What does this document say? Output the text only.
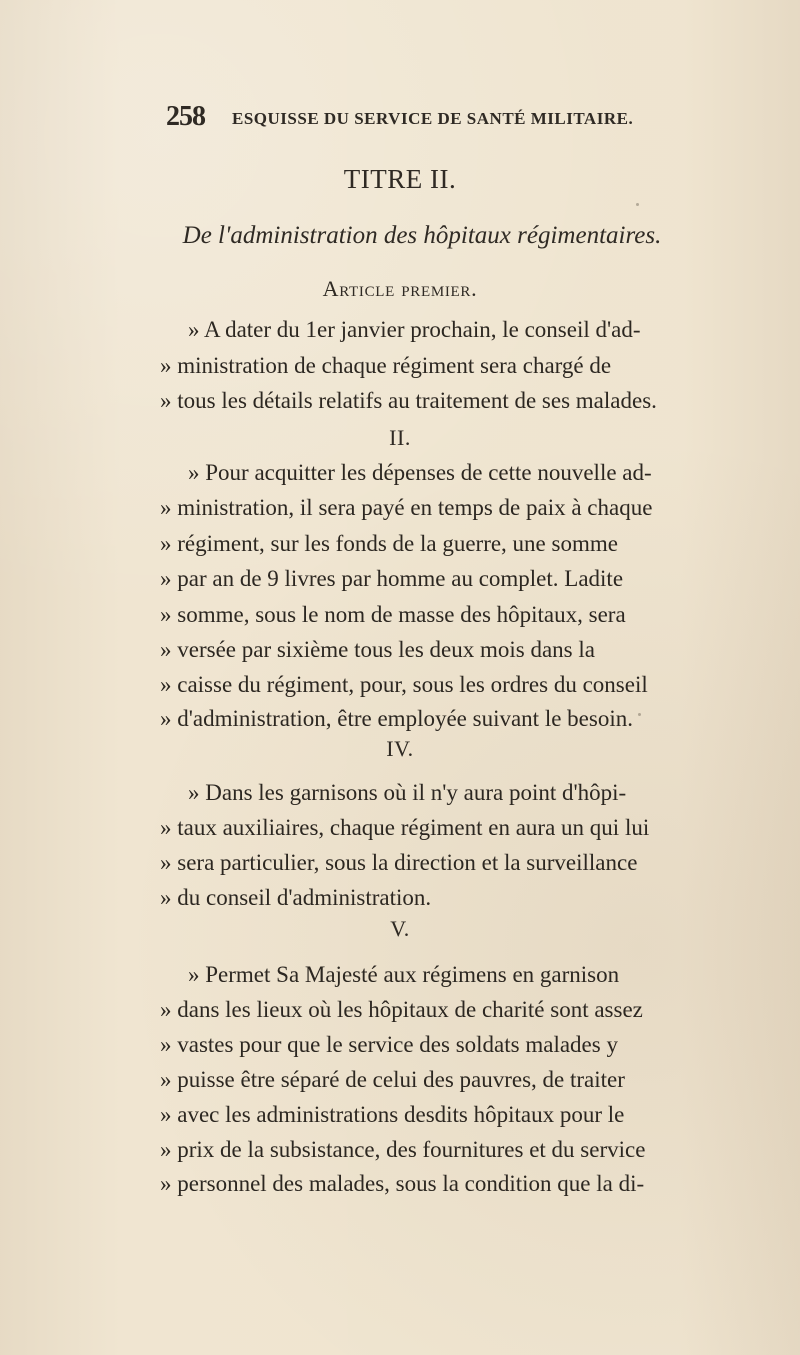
258 ESQUISSE DU SERVICE DE SANTÉ MILITAIRE.
TITRE II.
De l'administration des hôpitaux régimentaires.
Article premier.
» A dater du 1er janvier prochain, le conseil d'ad-
» ministration de chaque régiment sera chargé de
» tous les détails relatifs au traitement de ses malades.
II.
» Pour acquitter les dépenses de cette nouvelle ad-
» ministration, il sera payé en temps de paix à chaque
» régiment, sur les fonds de la guerre, une somme
» par an de 9 livres par homme au complet. Ladite
» somme, sous le nom de masse des hôpitaux, sera
» versée par sixième tous les deux mois dans la
» caisse du régiment, pour, sous les ordres du conseil
» d'administration, être employée suivant le besoin.
IV.
» Dans les garnisons où il n'y aura point d'hôpi-
» taux auxiliaires, chaque régiment en aura un qui lui
» sera particulier, sous la direction et la surveillance
» du conseil d'administration.
V.
» Permet Sa Majesté aux régimens en garnison
» dans les lieux où les hôpitaux de charité sont assez
» vastes pour que le service des soldats malades y
» puisse être séparé de celui des pauvres, de traiter
» avec les administrations desdits hôpitaux pour le
» prix de la subsistance, des fournitures et du service
» personnel des malades, sous la condition que la di-
